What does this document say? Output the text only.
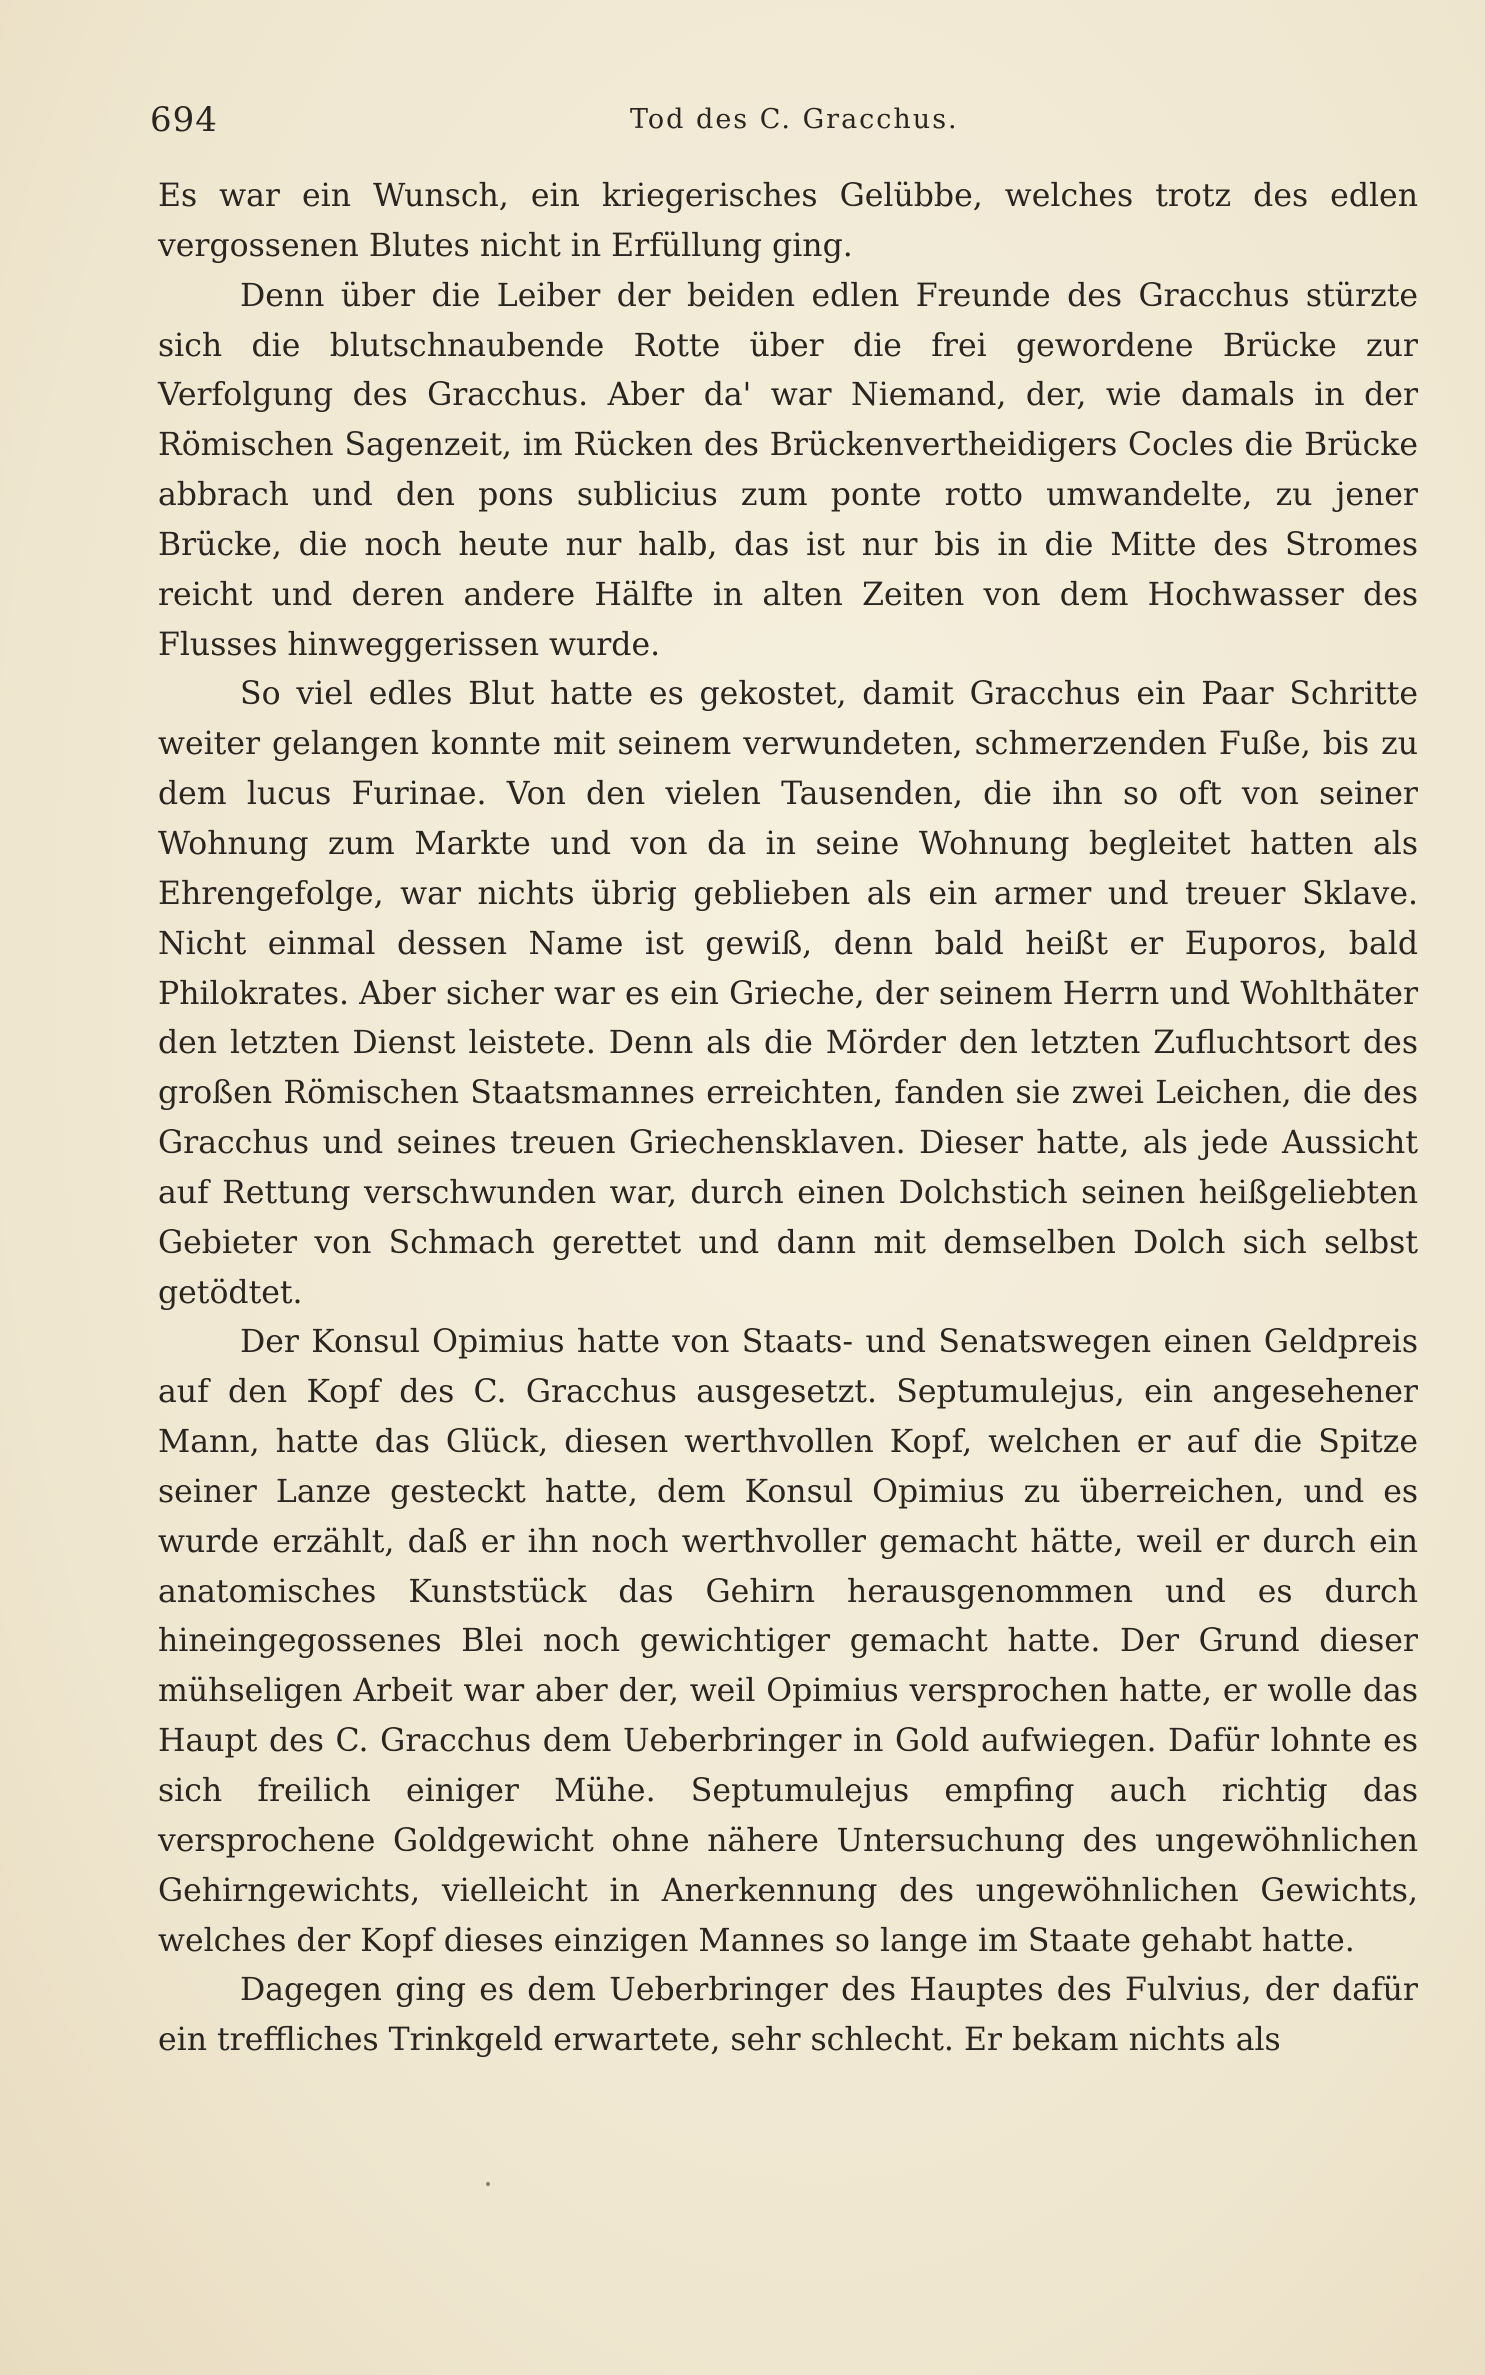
694	Tod des C. Gracchus.

Es war ein Wunsch, ein kriegerisches Gelübbe, welches trotz des edlen vergossenen Blutes nicht in Erfüllung ging.

Denn über die Leiber der beiden edlen Freunde des Gracchus stürzte sich die blutschnaubende Rotte über die frei gewordene Brücke zur Verfolgung des Gracchus. Aber da' war Niemand, der, wie damals in der Römischen Sagenzeit, im Rücken des Brückenvertheidigers Cocles die Brücke abbrach und den pons sublicius zum ponte rotto umwandelte, zu jener Brücke, die noch heute nur halb, das ist nur bis in die Mitte des Stromes reicht und deren andere Hälfte in alten Zeiten von dem Hochwasser des Flusses hinweggerissen wurde.

So viel edles Blut hatte es gekostet, damit Gracchus ein Paar Schritte weiter gelangen konnte mit seinem verwundeten, schmerzenden Fuße, bis zu dem lucus Furinae. Von den vielen Tausenden, die ihn so oft von seiner Wohnung zum Markte und von da in seine Wohnung begleitet hatten als Ehrengefolge, war nichts übrig geblieben als ein armer und treuer Sklave. Nicht einmal dessen Name ist gewiß, denn bald heißt er Euporos, bald Philokrates. Aber sicher war es ein Grieche, der seinem Herrn und Wohlthäter den letzten Dienst leistete. Denn als die Mörder den letzten Zufluchtsort des großen Römischen Staatsmannes erreichten, fanden sie zwei Leichen, die des Gracchus und seines treuen Griechensklaven. Dieser hatte, als jede Aussicht auf Rettung verschwunden war, durch einen Dolchstich seinen heißgeliebten Gebieter von Schmach gerettet und dann mit demselben Dolch sich selbst getödtet.

Der Konsul Opimius hatte von Staats- und Senatswegen einen Geldpreis auf den Kopf des C. Gracchus ausgesetzt. Septumulejus, ein angesehener Mann, hatte das Glück, diesen werthvollen Kopf, welchen er auf die Spitze seiner Lanze gesteckt hatte, dem Konsul Opimius zu überreichen, und es wurde erzählt, daß er ihn noch werthvoller gemacht hätte, weil er durch ein anatomisches Kunststück das Gehirn herausgenommen und es durch hineingegossenes Blei noch gewichtiger gemacht hatte. Der Grund dieser mühseligen Arbeit war aber der, weil Opimius versprochen hatte, er wolle das Haupt des C. Gracchus dem Ueberbringer in Gold aufwiegen. Dafür lohnte es sich freilich einiger Mühe. Septumulejus empfing auch richtig das versprochene Goldgewicht ohne nähere Untersuchung des ungewöhnlichen Gehirngewichts, vielleicht in Anerkennung des ungewöhnlichen Gewichts, welches der Kopf dieses einzigen Mannes so lange im Staate gehabt hatte.

Dagegen ging es dem Ueberbringer des Hauptes des Fulvius, der dafür ein treffliches Trinkgeld erwartete, sehr schlecht. Er bekam nichts als
